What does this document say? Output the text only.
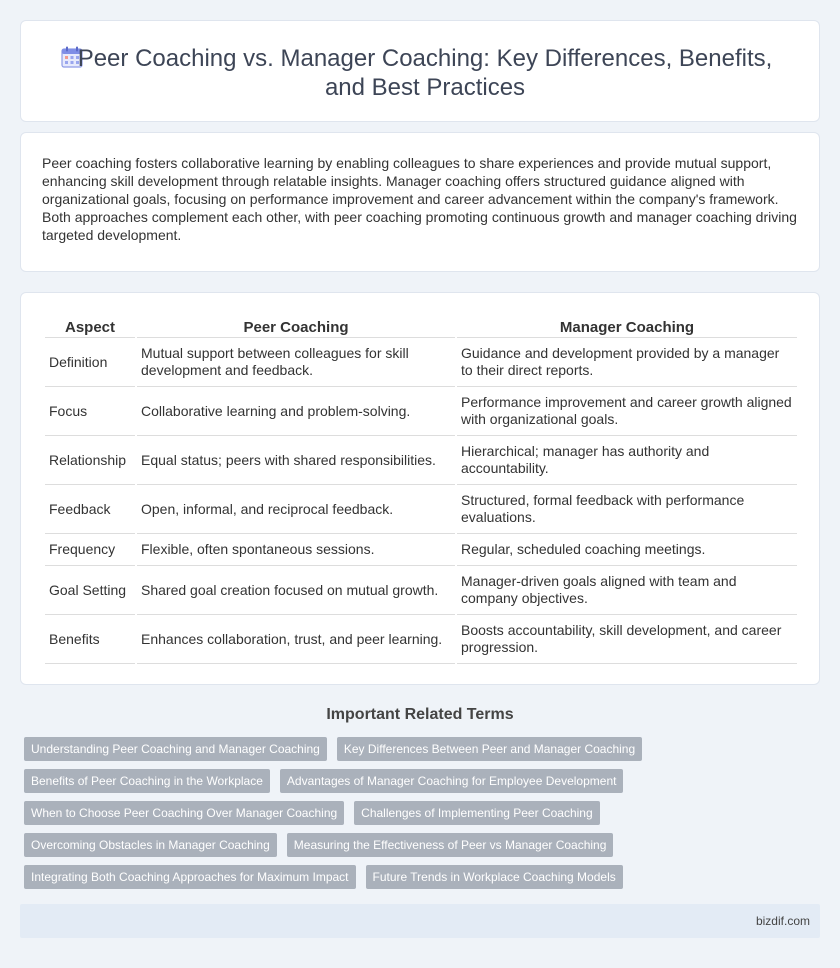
Peer Coaching vs. Manager Coaching: Key Differences, Benefits, and Best Practices

Peer coaching fosters collaborative learning by enabling colleagues to share experiences and provide mutual support, enhancing skill development through relatable insights. Manager coaching offers structured guidance aligned with organizational goals, focusing on performance improvement and career advancement within the company's framework. Both approaches complement each other, with peer coaching promoting continuous growth and manager coaching driving targeted development.

Aspect	Peer Coaching	Manager Coaching
Definition	Mutual support between colleagues for skill development and feedback.	Guidance and development provided by a manager to their direct reports.
Focus	Collaborative learning and problem-solving.	Performance improvement and career growth aligned with organizational goals.
Relationship	Equal status; peers with shared responsibilities.	Hierarchical; manager has authority and accountability.
Feedback	Open, informal, and reciprocal feedback.	Structured, formal feedback with performance evaluations.
Frequency	Flexible, often spontaneous sessions.	Regular, scheduled coaching meetings.
Goal Setting	Shared goal creation focused on mutual growth.	Manager-driven goals aligned with team and company objectives.
Benefits	Enhances collaboration, trust, and peer learning.	Boosts accountability, skill development, and career progression.
Important Related Terms
Understanding Peer Coaching and Manager Coaching Key Differences Between Peer and Manager Coaching
Benefits of Peer Coaching in the Workplace Advantages of Manager Coaching for Employee Development
When to Choose Peer Coaching Over Manager Coaching Challenges of Implementing Peer Coaching
Overcoming Obstacles in Manager Coaching Measuring the Effectiveness of Peer vs Manager Coaching
Integrating Both Coaching Approaches for Maximum Impact Future Trends in Workplace Coaching Models
bizdif.com
